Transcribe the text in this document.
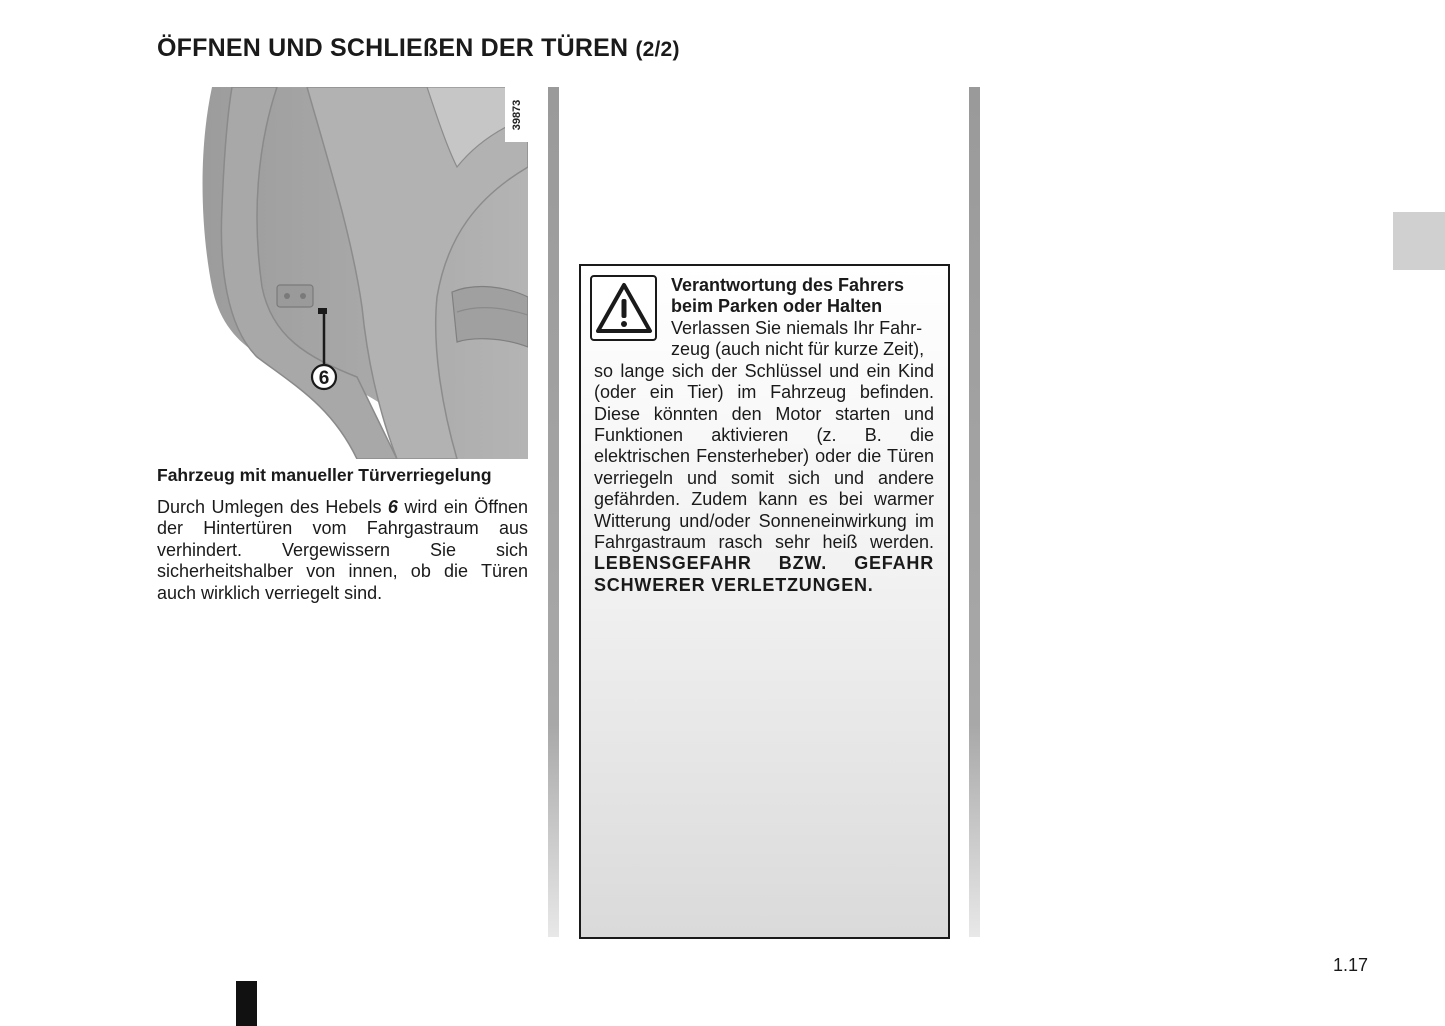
ÖFFNEN UND SCHLIEßEN DER TÜREN (2/2)
6
39873
Fahrzeug mit manueller Türverriegelung
Durch Umlegen des Hebels 6 wird ein Öffnen der Hintertüren vom Fahrgastraum aus verhindert. Vergewissern Sie sich sicherheitshalber von innen, ob die Türen auch wirklich verriegelt sind.
Verantwortung des Fahrers beim Parken oder Halten
Verlassen Sie niemals Ihr Fahr-
zeug (auch nicht für kurze Zeit),
so lange sich der Schlüssel und ein Kind (oder ein Tier) im Fahrzeug befinden. Diese könnten den Motor starten und Funktionen aktivieren (z. B. die elektrischen Fensterheber) oder die Türen verriegeln und somit sich und andere gefährden. Zudem kann es bei warmer Witterung und/oder Sonneneinwirkung im Fahrgastraum rasch sehr heiß werden. LEBENSGEFAHR BZW. GEFAHR SCHWERER VERLETZUNGEN.
1.17
